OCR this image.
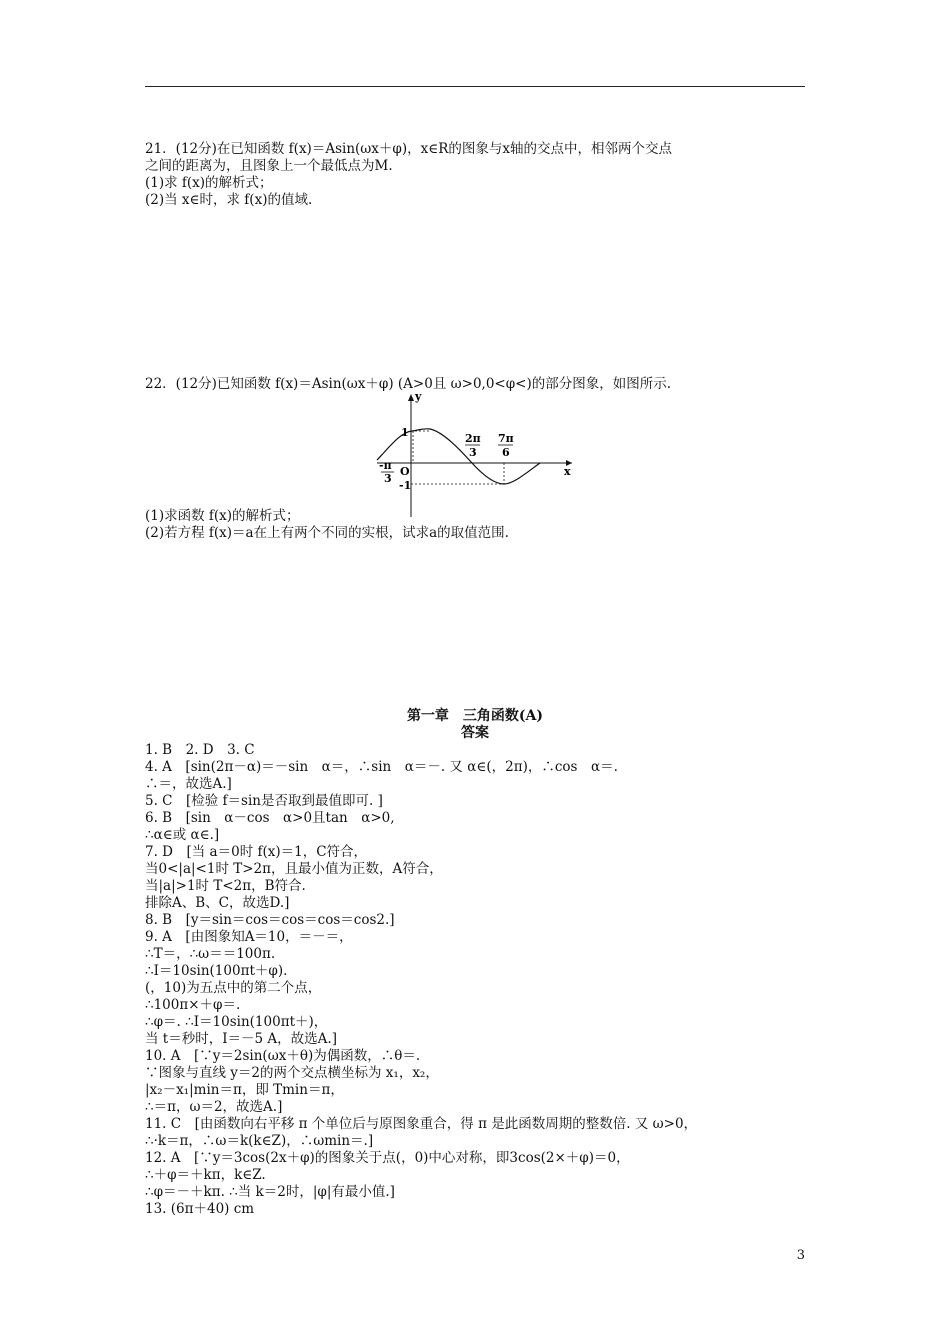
21．(12分)在已知函数 f(x)＝Asin(ωx＋φ)，x∈R的图象与x轴的交点中，相邻两个交点
之间的距离为，且图象上一个最低点为M.
(1)求 f(x)的解析式；
(2)当 x∈时，求 f(x)的值域.
22．(12分)已知函数 f(x)＝Asin(ωx＋φ) (A>0且 ω>0,0<φ<)的部分图象，如图所示.
y
x
O
1
-1
-π
3
2π
3
7π
6
(1)求函数 f(x)的解析式；
(2)若方程 f(x)＝a在上有两个不同的实根，试求a的取值范围.
第一章　三角函数(A)
答案
1. B　2. D　3. C
4. A　[sin(2π－α)＝－sin　α＝，∴sin　α＝－. 又 α∈(，2π)，∴cos　α＝.
∴＝，故选A.]
5. C　[检验 f＝sin是否取到最值即可. ]
6. B　[sin　α－cos　α>0且tan　α>0,
∴α∈或 α∈.]
7. D　[当 a＝0时 f(x)＝1，C符合，
当0<|a|<1时 T>2π，且最小值为正数，A符合，
当|a|>1时 T<2π，B符合.
排除A、B、C，故选D.]
8. B　[y＝sin＝cos＝cos＝cos＝cos2.]
9. A　[由图象知A＝10，＝－＝，
∴T＝，∴ω＝＝100π.
∴I＝10sin(100πt＋φ).
(，10)为五点中的第二个点，
∴100π×＋φ＝.
∴φ＝. ∴I＝10sin(100πt＋)，
当 t＝秒时，I＝－5 A，故选A.]
10. A　[∵y＝2sin(ωx＋θ)为偶函数，∴θ＝.
∵图象与直线 y＝2的两个交点横坐标为 x₁，x₂，
|x₂－x₁|min＝π，即 Tmin＝π，
∴＝π，ω＝2，故选A.]
11. C　[由函数向右平移 π 个单位后与原图象重合，得 π 是此函数周期的整数倍. 又 ω>0，
∴·k＝π，∴ω＝k(k∈Z)，∴ωmin＝.]
12. A　[∵y＝3cos(2x＋φ)的图象关于点(，0)中心对称，即3cos(2×＋φ)＝0，
∴＋φ＝＋kπ，k∈Z.
∴φ＝－＋kπ. ∴当 k＝2时，|φ|有最小值.]
13. (6π＋40) cm
3
